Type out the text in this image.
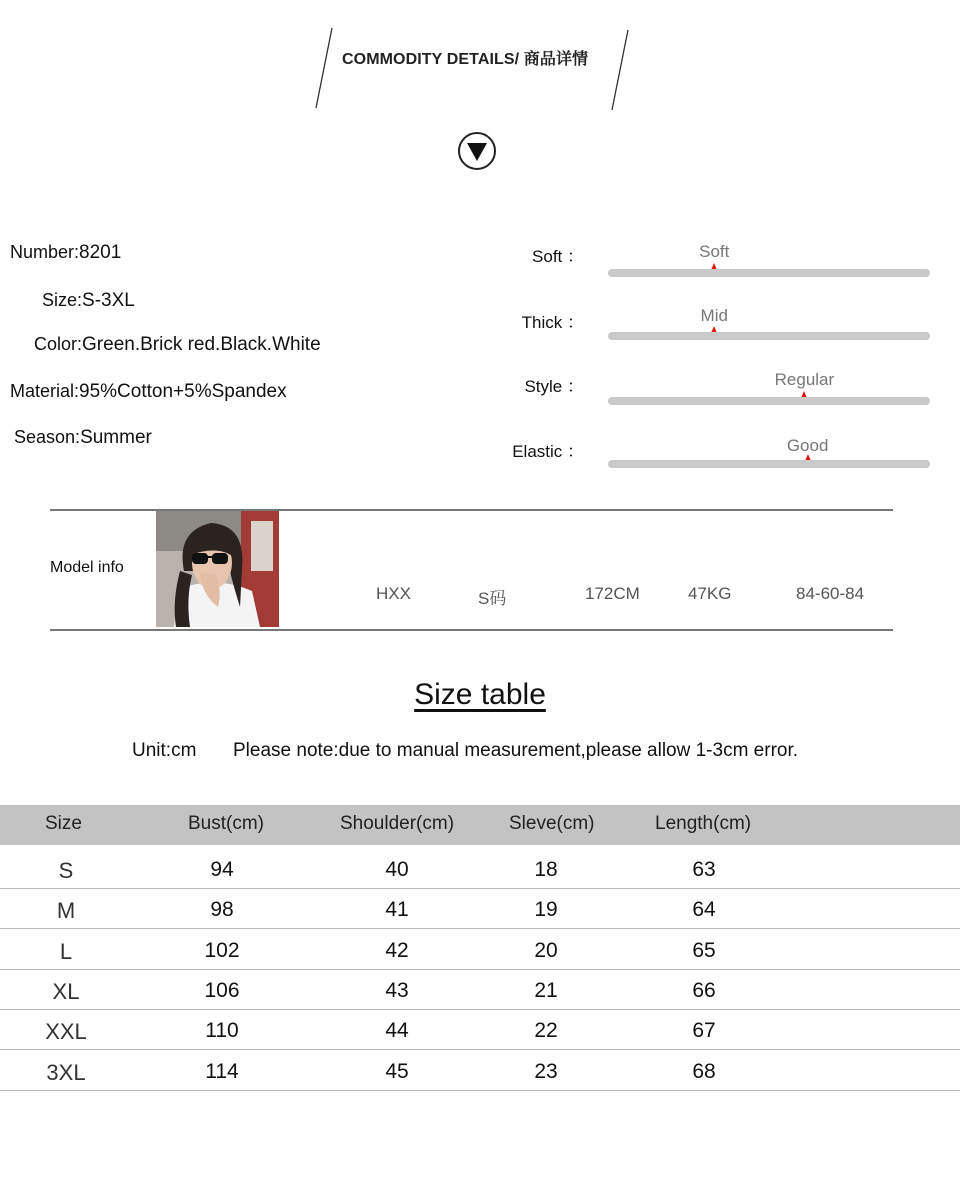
COMMODITY DETAILS/ 商品详情
Number:8201
Size:S-3XL
Color:Green.Brick red.Black.White
Material:95%Cotton+5%Spandex
Season:Summer
Soft ：	Soft
Thick ：	Mid
Style ：	Regular
Elastic ：	Good
Model info
HXX	S码	172CM	47KG	84-60-84
Size table
Unit:cm Please note:due to manual measurement,please allow 1-3cm error.
Size	Bust(cm)	Shoulder(cm)	Sleve(cm)	Length(cm)
S	94	40	18	63
M	98	41	19	64
L	102	42	20	65
XL	106	43	21	66
XXL	110	44	22	67
3XL	114	45	23	68
